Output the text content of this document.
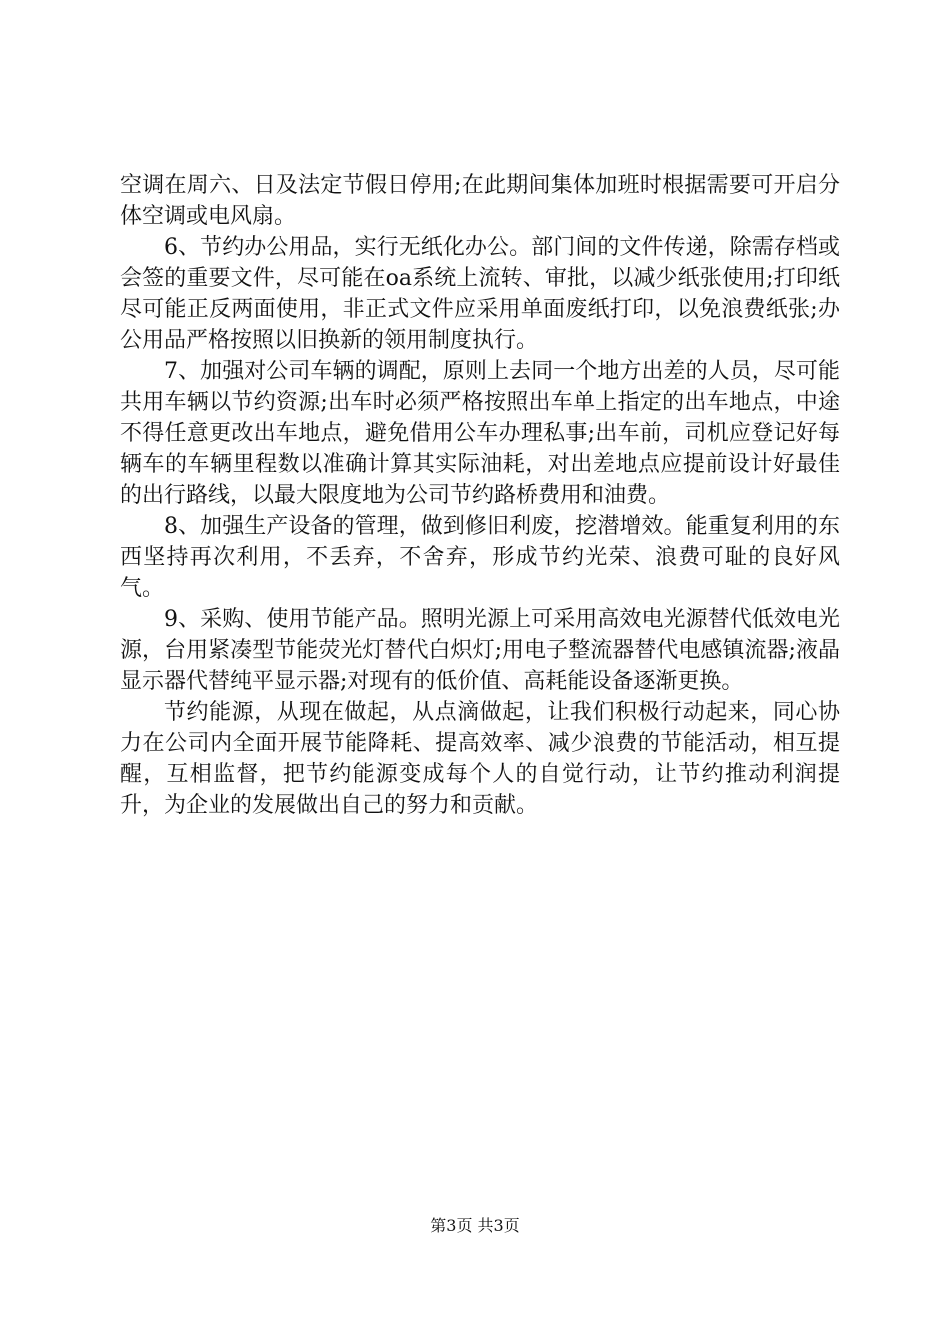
空调在周六、日及法定节假日停用;在此期间集体加班时根据需要可开启分体空调或电风扇。

6、节约办公用品，实行无纸化办公。部门间的文件传递，除需存档或会签的重要文件，尽可能在oa系统上流转、审批，以减少纸张使用;打印纸尽可能正反两面使用，非正式文件应采用单面废纸打印，以免浪费纸张;办公用品严格按照以旧换新的领用制度执行。

7、加强对公司车辆的调配，原则上去同一个地方出差的人员，尽可能共用车辆以节约资源;出车时必须严格按照出车单上指定的出车地点，中途不得任意更改出车地点，避免借用公车办理私事;出车前，司机应登记好每辆车的车辆里程数以准确计算其实际油耗，对出差地点应提前设计好最佳的出行路线，以最大限度地为公司节约路桥费用和油费。

8、加强生产设备的管理，做到修旧利废，挖潜增效。能重复利用的东西坚持再次利用，不丢弃，不舍弃，形成节约光荣、浪费可耻的良好风气。

9、采购、使用节能产品。照明光源上可采用高效电光源替代低效电光源，台用紧凑型节能荧光灯替代白炽灯;用电子整流器替代电感镇流器;液晶显示器代替纯平显示器;对现有的低价值、高耗能设备逐渐更换。

节约能源，从现在做起，从点滴做起，让我们积极行动起来，同心协力在公司内全面开展节能降耗、提高效率、减少浪费的节能活动，相互提醒，互相监督，把节约能源变成每个人的自觉行动，让节约推动利润提升，为企业的发展做出自己的努力和贡献。

第3页 共3页
